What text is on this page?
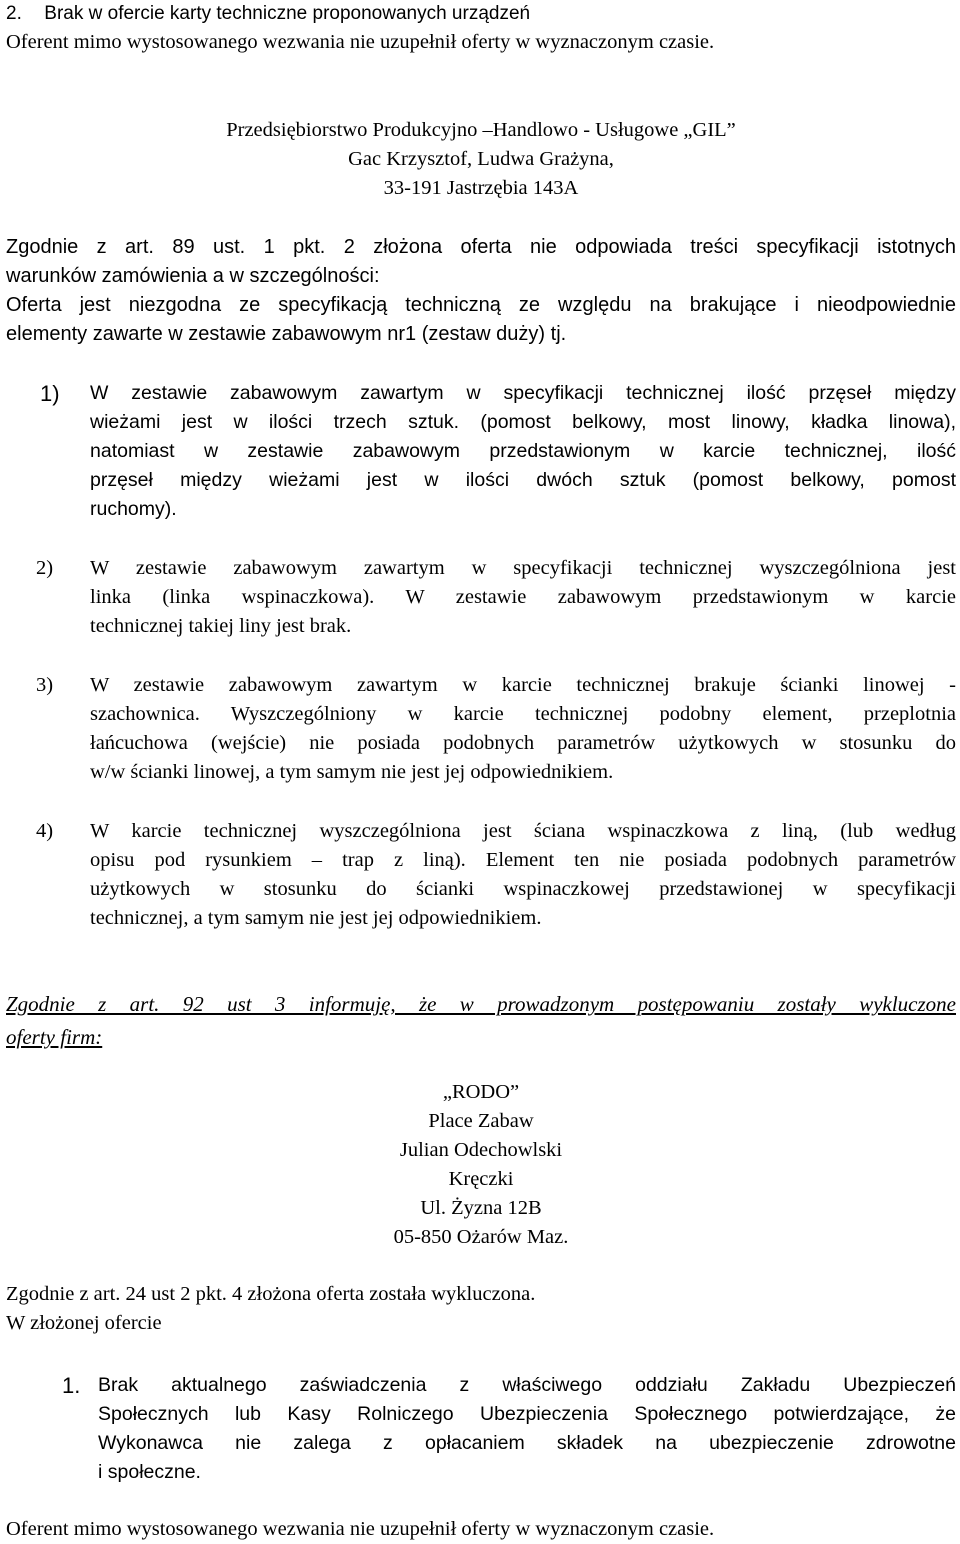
2. Brak w ofercie karty techniczne proponowanych urządzeń
Oferent mimo wystosowanego wezwania nie uzupełnił oferty w wyznaczonym czasie.
Przedsiębiorstwo Produkcyjno –Handlowo - Usługowe „GIL”
Gac Krzysztof, Ludwa Grażyna,
33-191 Jastrzębia 143A
Zgodnie z art. 89 ust. 1 pkt. 2 złożona oferta nie odpowiada treści specyfikacji istotnych
warunków zamówienia a w szczególności:
Oferta jest niezgodna ze specyfikacją techniczną ze względu na brakujące i nieodpowiednie
elementy zawarte w zestawie zabawowym nr1 (zestaw duży) tj.
1) W zestawie zabawowym zawartym w specyfikacji technicznej ilość przęseł między
wieżami jest w ilości trzech sztuk. (pomost belkowy, most linowy, kładka linowa),
natomiast w zestawie zabawowym przedstawionym w karcie technicznej, ilość
przęseł między wieżami jest w ilości dwóch sztuk (pomost belkowy, pomost
ruchomy).
2) W zestawie zabawowym zawartym w specyfikacji technicznej wyszczególniona jest
linka (linka wspinaczkowa). W zestawie zabawowym przedstawionym w karcie
technicznej takiej liny jest brak.
3) W zestawie zabawowym zawartym w karcie technicznej brakuje ścianki linowej -
szachownica. Wyszczególniony w karcie technicznej podobny element, przeplotnia
łańcuchowa (wejście) nie posiada podobnych parametrów użytkowych w stosunku do
w/w ścianki linowej, a tym samym nie jest jej odpowiednikiem.
4) W karcie technicznej wyszczególniona jest ściana wspinaczkowa z liną, (lub według
opisu pod rysunkiem – trap z liną). Element ten nie posiada podobnych parametrów
użytkowych w stosunku do ścianki wspinaczkowej przedstawionej w specyfikacji
technicznej, a tym samym nie jest jej odpowiednikiem.
Zgodnie z art. 92 ust 3 informuję, że w prowadzonym postępowaniu zostały wykluczone
oferty firm:
„RODO”
Place Zabaw
Julian Odechowlski
Kręczki
Ul. Żyzna 12B
05-850 Ożarów Maz.
Zgodnie z art. 24 ust 2 pkt. 4 złożona oferta została wykluczona.
W złożonej ofercie
1. Brak aktualnego zaświadczenia z właściwego oddziału Zakładu Ubezpieczeń
Społecznych lub Kasy Rolniczego Ubezpieczenia Społecznego potwierdzające, że
Wykonawca nie zalega z opłacaniem składek na ubezpieczenie zdrowotne
i społeczne.
Oferent mimo wystosowanego wezwania nie uzupełnił oferty w wyznaczonym czasie.
